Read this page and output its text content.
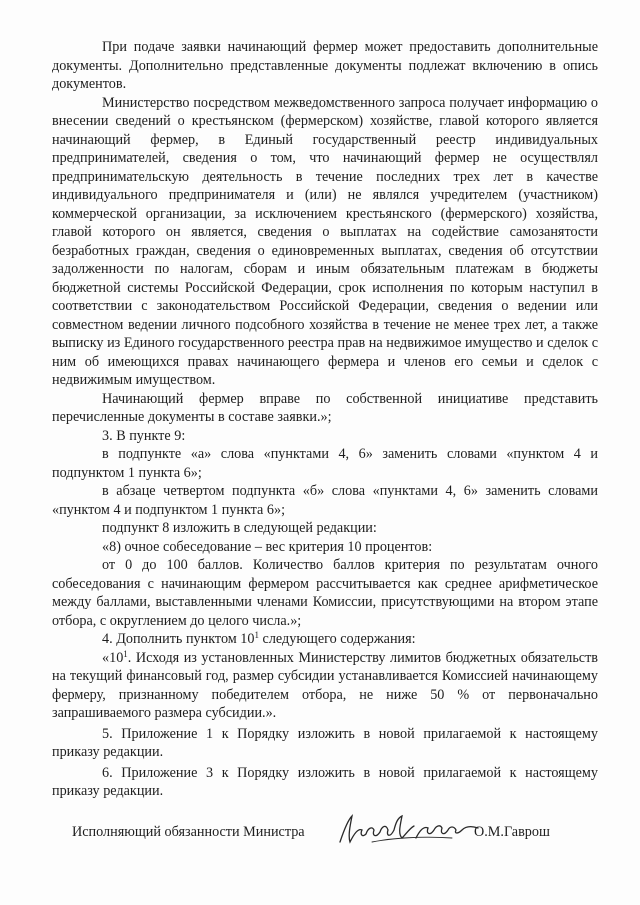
При подаче заявки начинающий фермер может предоставить дополнительные документы. Дополнительно представленные документы подлежат включению в опись документов.

Министерство посредством межведомственного запроса получает информацию о внесении сведений о крестьянском (фермерском) хозяйстве, главой которого является начинающий фермер, в Единый государственный реестр индивидуальных предпринимателей, сведения о том, что начинающий фермер не осуществлял предпринимательскую деятельность в течение последних трех лет в качестве индивидуального предпринимателя и (или) не являлся учредителем (участником) коммерческой организации, за исключением крестьянского (фермерского) хозяйства, главой которого он является, сведения о выплатах на содействие самозанятости безработных граждан, сведения о единовременных выплатах, сведения об отсутствии задолженности по налогам, сборам и иным обязательным платежам в бюджеты бюджетной системы Российской Федерации, срок исполнения по которым наступил в соответствии с законодательством Российской Федерации, сведения о ведении или совместном ведении личного подсобного хозяйства в течение не менее трех лет, а также выписку из Единого государственного реестра прав на недвижимое имущество и сделок с ним об имеющихся правах начинающего фермера и членов его семьи и сделок с недвижимым имуществом.

Начинающий фермер вправе по собственной инициативе представить перечисленные документы в составе заявки.»;

3. В пункте 9:

в подпункте «а» слова «пунктами 4, 6» заменить словами «пунктом 4 и подпунктом 1 пункта 6»;

в абзаце четвертом подпункта «б» слова «пунктами 4, 6» заменить словами «пунктом 4 и подпунктом 1 пункта 6»;

подпункт 8 изложить в следующей редакции:

«8) очное собеседование – вес критерия 10 процентов:

от 0 до 100 баллов. Количество баллов критерия по результатам очного собеседования с начинающим фермером рассчитывается как среднее арифметическое между баллами, выставленными членами Комиссии, присутствующими на втором этапе отбора, с округлением до целого числа.»;

4. Дополнить пунктом $10^1$ следующего содержания:

«$10^1$. Исходя из установленных Министерству лимитов бюджетных обязательств на текущий финансовый год, размер субсидии устанавливается Комиссией начинающему фермеру, признанному победителем отбора, не ниже 50 % от первоначально запрашиваемого размера субсидии.».

5. Приложение 1 к Порядку изложить в новой прилагаемой к настоящему приказу редакции.

6. Приложение 3 к Порядку изложить в новой прилагаемой к настоящему приказу редакции.

Исполняющий обязанности Министра	О.М.Гаврош
